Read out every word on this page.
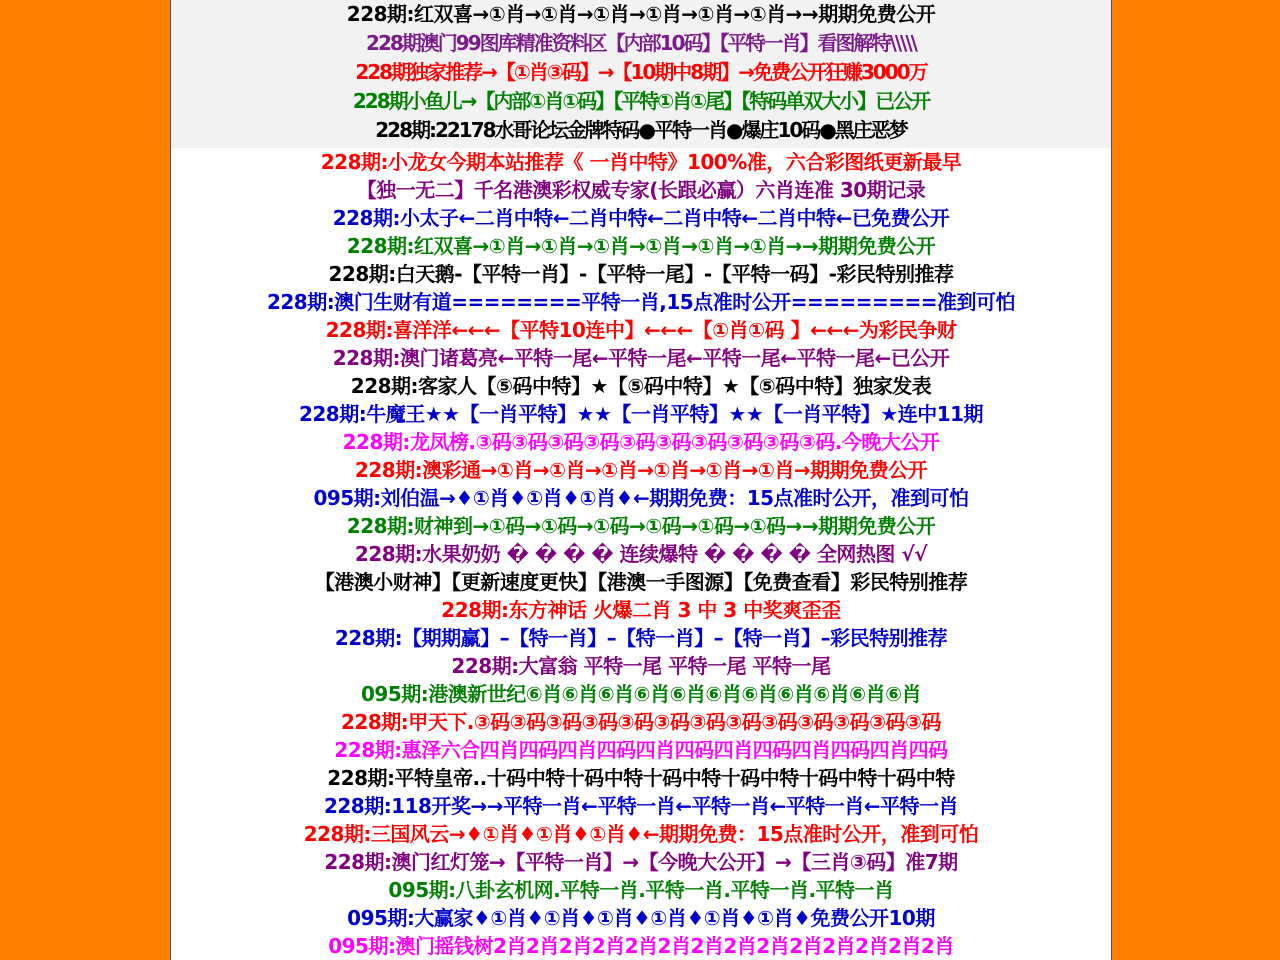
228期:红双喜→①肖→①肖→①肖→①肖→①肖→①肖→→期期免费公开
228期澳门99图库精准资料区【内部10码】【平特一肖】看图解特\\\\\
228期独家推荐→【①肖③码】→【10期中8期】→免费公开狂赚3000万
228期小鱼儿→【内部①肖①码】【平特①肖①尾】【特码单双大小】已公开
228期:22178水哥论坛金牌特码●平特一肖●爆庄10码●黑庄恶梦
228期:小龙女今期本站推荐《 一肖中特》100%准，六合彩图纸更新最早
【独一无二】千名港澳彩权威专家(长跟必赢）六肖连准 30期记录
228期:小太子←二肖中特←二肖中特←二肖中特←二肖中特←已免费公开
228期:红双喜→①肖→①肖→①肖→①肖→①肖→①肖→→期期免费公开
228期:白天鹅-【平特一肖】-【平特一尾】-【平特一码】-彩民特别推荐
228期:澳门生财有道========平特一肖,15点准时公开=========准到可怕
228期:喜洋洋←←←【平特10连中】←←←【①肖①码 】←←←为彩民争财
228期:澳门诸葛亮←平特一尾←平特一尾←平特一尾←平特一尾←已公开
228期:客家人【⑤码中特】★【⑤码中特】★【⑤码中特】独家发表
228期:牛魔王★★【一肖平特】★★【一肖平特】★★【一肖平特】★连中11期
228期:龙凤榜.③码③码③码③码③码③码③码③码③码③码.今晚大公开
228期:澳彩通→①肖→①肖→①肖→①肖→①肖→①肖→期期免费公开
095期:刘伯温→♦①肖♦①肖♦①肖♦←期期免费：15点准时公开，准到可怕
228期:财神到→①码→①码→①码→①码→①码→①码→→期期免费公开
228期:水果奶奶 � � � � 连续爆特 � � � � 全网热图 √√
【港澳小财神】【更新速度更快】【港澳一手图源】【免费查看】彩民特别推荐
228期:东方神话 火爆二肖 3 中 3 中奖爽歪歪
228期:【期期赢】–【特一肖】–【特一肖】–【特一肖】–彩民特别推荐
228期:大富翁 平特一尾 平特一尾 平特一尾
095期:港澳新世纪⑥肖⑥肖⑥肖⑥肖⑥肖⑥肖⑥肖⑥肖⑥肖⑥肖⑥肖
228期:甲天下.③码③码③码③码③码③码③码③码③码③码③码③码③码
228期:惠泽六合四肖四码四肖四码四肖四码四肖四码四肖四码四肖四码
228期:平特皇帝..十码中特十码中特十码中特十码中特十码中特十码中特
228期:118开奖→→平特一肖←平特一肖←平特一肖←平特一肖←平特一肖
228期:三国风云→♦①肖♦①肖♦①肖♦←期期免费：15点准时公开，准到可怕
228期:澳门红灯笼→【平特一肖】→【今晚大公开】→【三肖③码】准7期
095期:八卦玄机网.平特一肖.平特一肖.平特一肖.平特一肖
095期:大赢家♦①肖♦①肖♦①肖♦①肖♦①肖♦①肖♦免费公开10期
095期:澳门摇钱树2肖2肖2肖2肖2肖2肖2肖2肖2肖2肖2肖2肖2肖2肖
